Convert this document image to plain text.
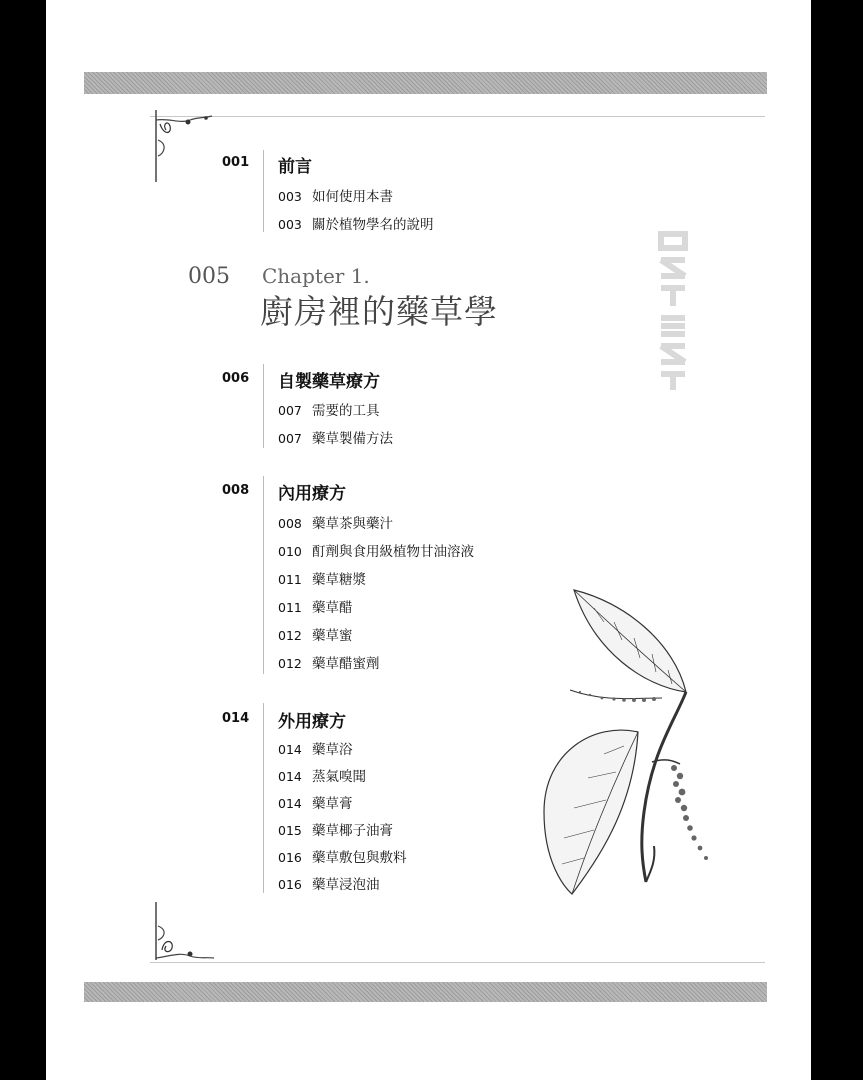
001 前言
003 如何使用本書
003 關於植物學名的說明
005 Chapter 1.
廚房裡的藥草學
006 自製藥草療方
007 需要的工具
007 藥草製備方法
008 內用療方
008 藥草茶與藥汁
010 酊劑與食用級植物甘油溶液
011 藥草糖漿
011 藥草醋
012 藥草蜜
012 藥草醋蜜劑
014 外用療方
014 藥草浴
014 蒸氣嗅聞
014 藥草膏
015 藥草椰子油膏
016 藥草敷包與敷料
016 藥草浸泡油
